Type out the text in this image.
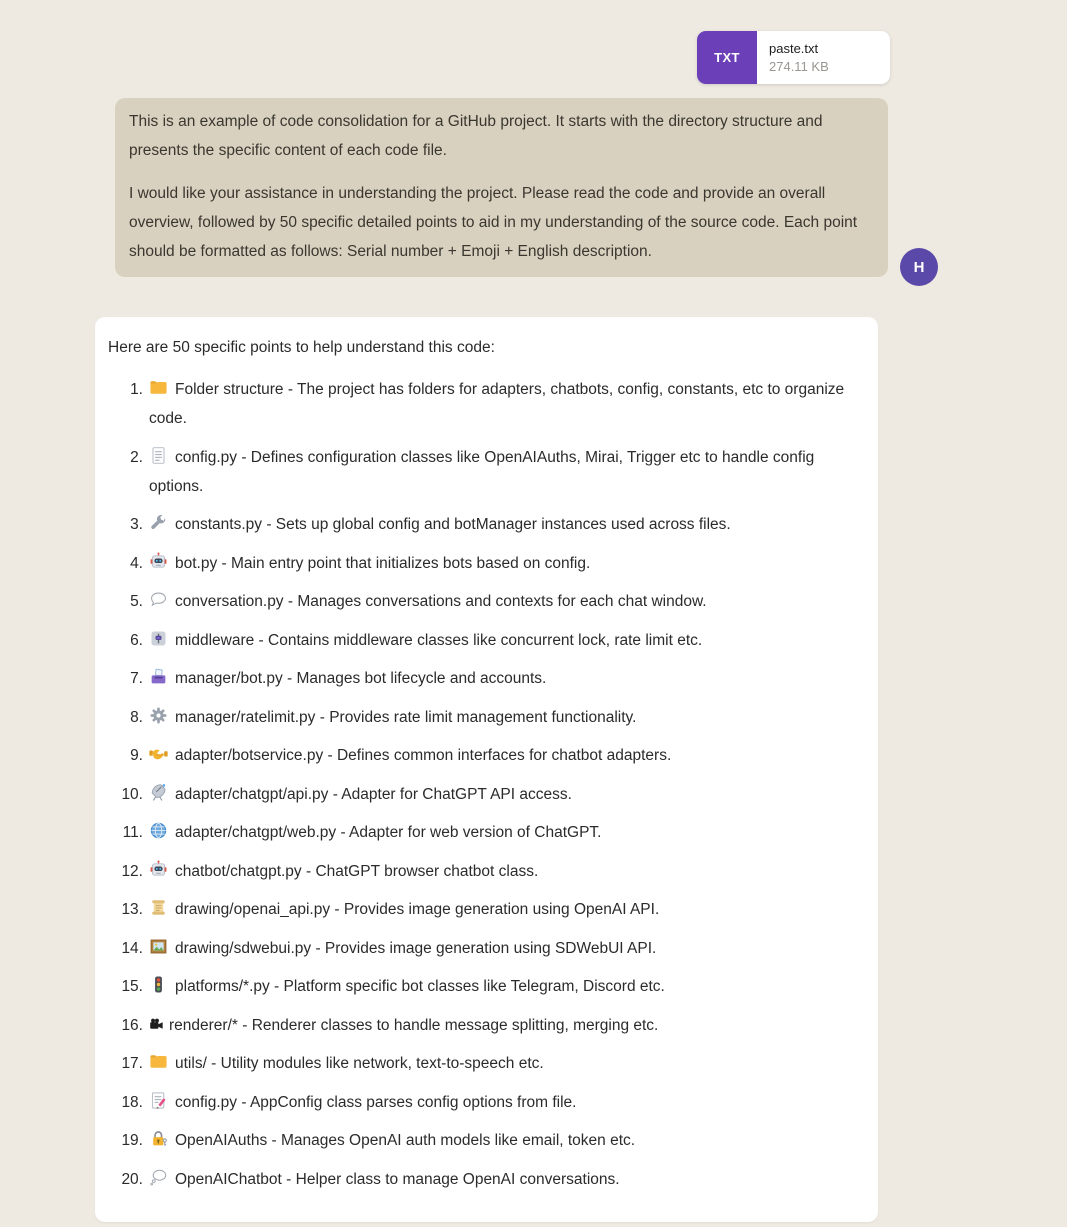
TXT
paste.txt
274.11 KB

This is an example of code consolidation for a GitHub project. It starts with the directory structure and presents the specific content of each code file.

I would like your assistance in understanding the project. Please read the code and provide an overall overview, followed by 50 specific detailed points to aid in my understanding of the source code. Each point should be formatted as follows: Serial number + Emoji + English description.

H

Here are 50 specific points to help understand this code:

1.	Folder structure - The project has folders for adapters, chatbots, config, constants, etc to organize code.
2.	config.py - Defines configuration classes like OpenAIAuths, Mirai, Trigger etc to handle config options.
3.	constants.py - Sets up global config and botManager instances used across files.
4.	bot.py - Main entry point that initializes bots based on config.
5.	conversation.py - Manages conversations and contexts for each chat window.
6.	middleware - Contains middleware classes like concurrent lock, rate limit etc.
7.	manager/bot.py - Manages bot lifecycle and accounts.
8.	manager/ratelimit.py - Provides rate limit management functionality.
9.	adapter/botservice.py - Defines common interfaces for chatbot adapters.
10.	adapter/chatgpt/api.py - Adapter for ChatGPT API access.
11.	adapter/chatgpt/web.py - Adapter for web version of ChatGPT.
12.	chatbot/chatgpt.py - ChatGPT browser chatbot class.
13.	drawing/openai_api.py - Provides image generation using OpenAI API.
14.	drawing/sdwebui.py - Provides image generation using SDWebUI API.
15.	platforms/*.py - Platform specific bot classes like Telegram, Discord etc.
16.	renderer/* - Renderer classes to handle message splitting, merging etc.
17.	utils/ - Utility modules like network, text-to-speech etc.
18.	config.py - AppConfig class parses config options from file.
19.	OpenAIAuths - Manages OpenAI auth models like email, token etc.
20.	OpenAIChatbot - Helper class to manage OpenAI conversations.
